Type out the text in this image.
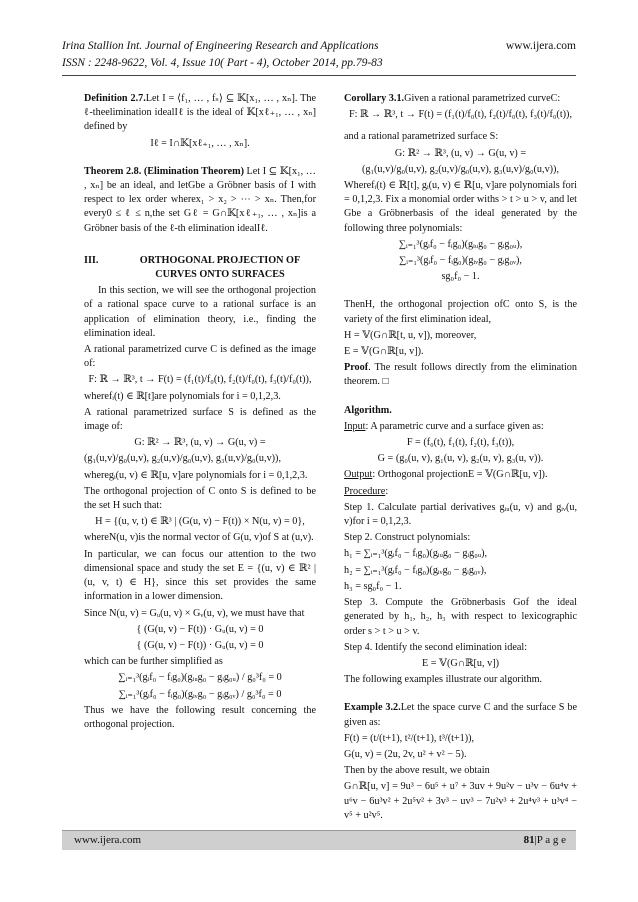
Irina Stallion Int. Journal of Engineering Research and Applications
ISSN : 2248-9622, Vol. 4, Issue 10( Part - 4), October 2014, pp.79-83
www.ijera.com
Definition 2.7.Let I = ⟨f₁, … , fₛ⟩ ⊆ 𝕂[x₁, … , xₙ]. The ℓ-theelimination idealIℓ is the ideal of 𝕂[xℓ₊₁, … , xₙ] defined by
Iℓ = I∩𝕂[xℓ₊₁, … , xₙ].
Theorem 2.8. (Elimination Theorem) Let I ⊆ 𝕂[x₁, … , xₙ] be an ideal, and letGbe a Gröbner basis of I with respect to lex order wherex₁ > x₂ > ⋯ > xₙ. Then,for every0 ≤ ℓ ≤ n,the set Gℓ = G∩𝕂[xℓ₊₁, … , xₙ]is a Gröbner basis of the ℓ-th elimination idealIℓ.
III.	ORTHOGONAL PROJECTION OF CURVES ONTO SURFACES
In this section, we will see the orthogonal projection of a rational space curve to a rational surface is an application of elimination theory, i.e., finding the elimination ideal.
A rational parametrized curve C is defined as the image of:
F: ℝ → ℝ³, t → F(t) = (f₁(t)/f₀(t), f₂(t)/f₀(t), f₃(t)/f₀(t)),
wherefᵢ(t) ∈ ℝ[t]are polynomials for i = 0,1,2,3.
A rational parametrized surface S is defined as the image of:
G: ℝ² → ℝ³, (u, v) → G(u, v) =
(g₁(u,v)/g₀(u,v), g₂(u,v)/g₀(u,v), g₃(u,v)/g₀(u,v)),
wheregᵢ(u, v) ∈ ℝ[u, v]are polynomials for i = 0,1,2,3.
The orthogonal projection of C onto S is defined to be the set H such that:
H = {(u, v, t) ∈ ℝ³ | (G(u, v) − F(t)) × N(u, v) = 0},
whereN(u, v)is the normal vector of G(u, v)of S at (u,v).
In particular, we can focus our attention to the two dimensional space and study the set E = {(u, v) ∈ ℝ² | (u, v, t) ∈ H}, since this set provides the same information in a lower dimension.
Since N(u, v) = Gᵤ(u, v) × Gᵥ(u, v), we must have that
{ (G(u, v) − F(t)) · Gᵤ(u, v) = 0
{ (G(u, v) − F(t)) · Gᵤ(u, v) = 0
which can be further simplified as
∑ᵢ₌₁³(gᵢf₀ − fᵢg₀)(gᵢᵤg₀ − gᵢg₀ᵤ) / g₀³f₀ = 0
∑ᵢ₌₁³(gᵢf₀ − fᵢg₀)(gᵢᵥg₀ − gᵢg₀ᵥ) / g₀³f₀ = 0
Thus we have the following result concerning the orthogonal projection.
Corollary 3.1.Given a rational parametrized curveC:
F: ℝ → ℝ³, t → F(t) = (f₁(t)/f₀(t), f₂(t)/f₀(t), f₃(t)/f₀(t)),
and a rational parametrized surface S:
G: ℝ² → ℝ³, (u, v) → G(u, v) =
(g₁(u,v)/g₀(u,v), g₂(u,v)/g₀(u,v), g₃(u,v)/g₀(u,v)),
Wherefᵢ(t) ∈ ℝ[t], gᵢ(u, v) ∈ ℝ[u, v]are polynomials fori = 0,1,2,3. Fix a monomial order withs > t > u > v, and let Gbe a Gröbnerbasis of the ideal generated by the following three polynomials:
∑ᵢ₌₁³(gᵢf₀ − fᵢg₀)(gᵢᵤg₀ − gᵢg₀ᵤ),
∑ᵢ₌₁³(gᵢf₀ − fᵢg₀)(gᵢᵥg₀ − gᵢg₀ᵥ),
sg₀f₀ − 1.
ThenH, the orthogonal projection ofC onto S, is the variety of the first elimination ideal,
H = 𝕍(G∩ℝ[t, u, v]), moreover,
E = 𝕍(G∩ℝ[u, v]).
Proof. The result follows directly from the elimination theorem. □
Algorithm.
Input: A parametric curve and a surface given as:
F = (f₀(t), f₁(t), f₂(t), f₃(t)),
G = (g₀(u, v), g₁(u, v), g₂(u, v), g₃(u, v)).
Output: Orthogonal projectionE = 𝕍(G∩ℝ[u, v]).
Procedure:
Step 1. Calculate partial derivatives gᵢᵤ(u, v) and gᵢᵥ(u, v)for i = 0,1,2,3.
Step 2. Construct polynomials:
h₁ = ∑ᵢ₌₁³(gᵢf₀ − fᵢg₀)(gᵢᵤg₀ − gᵢg₀ᵤ),
h₂ = ∑ᵢ₌₁³(gᵢf₀ − fᵢg₀)(gᵢᵥg₀ − gᵢg₀ᵥ),
h₃ = sg₀f₀ − 1.
Step 3. Compute the Gröbnerbasis Gof the ideal generated by h₁, h₂, h₃ with respect to lexicographic order s > t > u > v.
Step 4. Identify the second elimination ideal:
E = 𝕍(G∩ℝ[u, v])
The following examples illustrate our algorithm.
Example 3.2.Let the space curve C and the surface S be given as:
F(t) = (t/(t+1), t²/(t+1), t³/(t+1)),
G(u, v) = (2u, 2v, u² + v² − 5).
Then by the above result, we obtain
G∩ℝ[u, v] = 9u³ − 6u⁵ + u⁷ + 3uv + 9u²v − u³v − 6u⁴v + u⁶v − 6u³v² + 2u⁵v² + 3v³ − uv³ − 7u²v³ + 2u⁴v³ + u³v⁴ − v⁵ + u²v⁵.
www.ijera.com	81|P a g e
